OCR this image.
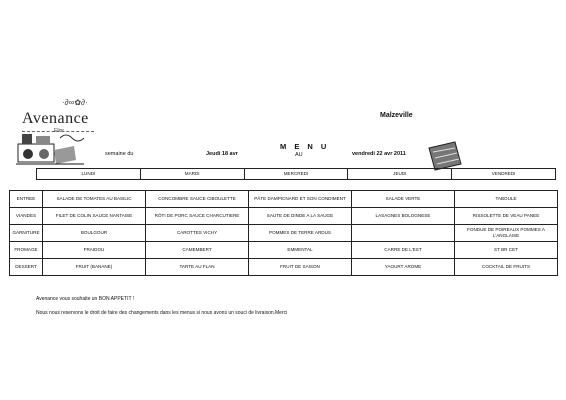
·∂∞✿∂·
Avenance
Elior
Malzeville
M E N U
semaine du	Jeudi 18 avr	AU	vendredi 22 avr 2011
LUNDI	MARDI	MERCREDI	JEUDI	VENDREDI
ENTREE	SALADE DE TOMATES AU BASILIC	CONCOMBRE SAUCE CIBOULETTE	PÂTE DAMPICNARD ET SON CONDIMENT	SALADE VERTE	TABOULE
VIANDES	FILET DE COLIN SAUCE NANTAISE	RÔTI DE PORC SAUCE CHARCUTIERE	SAUTE DE DINDE A LA SAUGE	LASAGNES BOLOGNESE	RISSOLETTE DE VEAU PANEE
GARNITURE	BOULGOUR	CAROTTES VICHY	POMMES DE TERRE ARDUS		FONDUE DE POIREAUX POMMES A L'ANGLAISE
FROMAGE	FRAIDOU	CAMEMBERT	EMMENTAL	CARRE DE L'EST	ST BR CET
DESSERT	FRUIT (BANANE)	TARTE AU FLAN	FRUIT DE SAISON	YAOURT AROME	COCKTAIL DE FRUITS
Avenance vous souhaite un BON APPETIT !
Nous nous reservons le droit de faire des changements dans les menus si nous avons un souci de livraison.Merci
